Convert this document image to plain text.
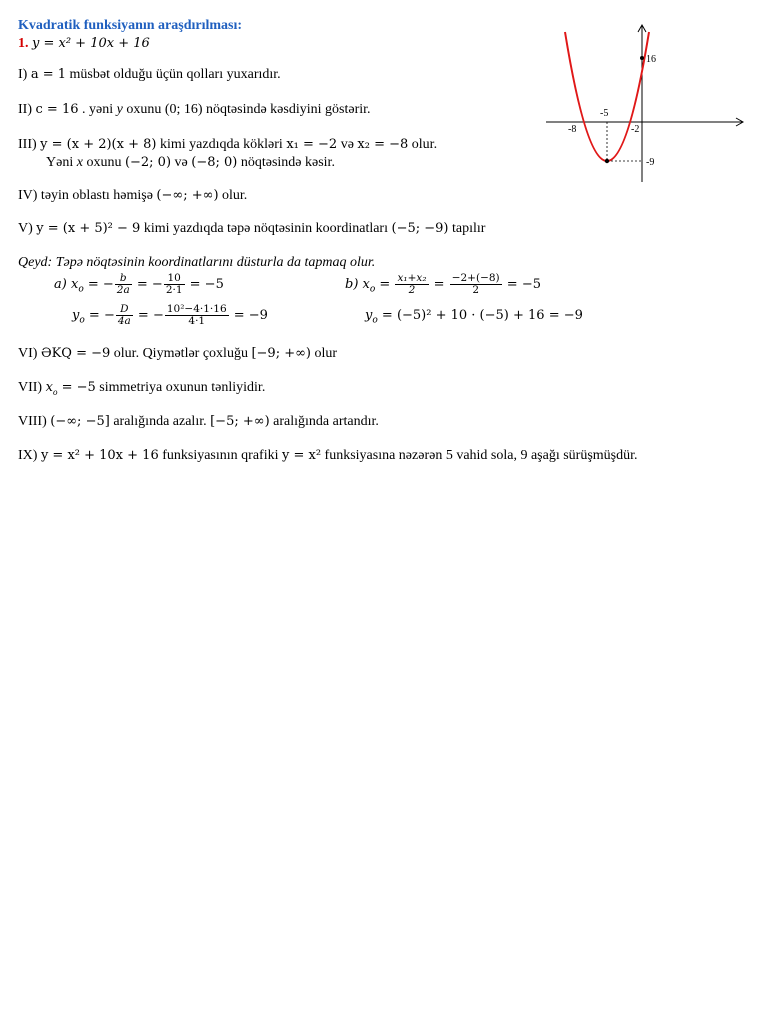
Kvadratik funksiyanın araşdırılması:
1. y = x² + 10x + 16
I) a = 1 müsbət olduğu üçün qolları yuxarıdır.
II) c = 16 . yəni y oxunu (0; 16) nöqtəsində kəsdiyini göstərir.
III) y = (x + 2)(x + 8) kimi yazdıqda kökləri x₁ = −2 və x₂ = −8 olur.
Yəni x oxunu (−2; 0) və (−8; 0) nöqtəsində kəsir.
IV) təyin oblastı həmişə (−∞; +∞) olur.
V) y = (x + 5)² − 9 kimi yazdıqda təpə nöqtəsinin koordinatları (−5; −9) tapılır
Qeyd: Təpə nöqtəsinin koordinatlarını düsturla da tapmaq olur.
a) $x_o$ = − $\frac{b}{2a}$ = − $\frac{10}{2\cdot 1} = -5$	b) $x_o = \frac{\text{x₁+x₂}}{2} = \frac{-2+(-8)}{2} = -5$
$y_o$ = − $\frac{D}{4a}$ = − $\frac{\text{10²−4·1·16}}{4\cdot 1} = -9$	$y_o = (-5)^2 + 10 \cdot (-5) + 16 = -9$
VI) ƏKQ = −9 olur. Qiymətlər çoxluğu [−9; +∞) olur
VII) $x_o = -5$ simmetriya oxunun tənliyidir.
VIII) (−∞; −5] aralığında azalır. [−5; +∞) aralığında artandır.
IX) y = x² + 10x + 16 funksiyasının qrafiki y = x² funksiyasına nəzərən 5 vahid sola, 9 aşağı sürüşmüşdür.
16
-5
-8	-2
-9
